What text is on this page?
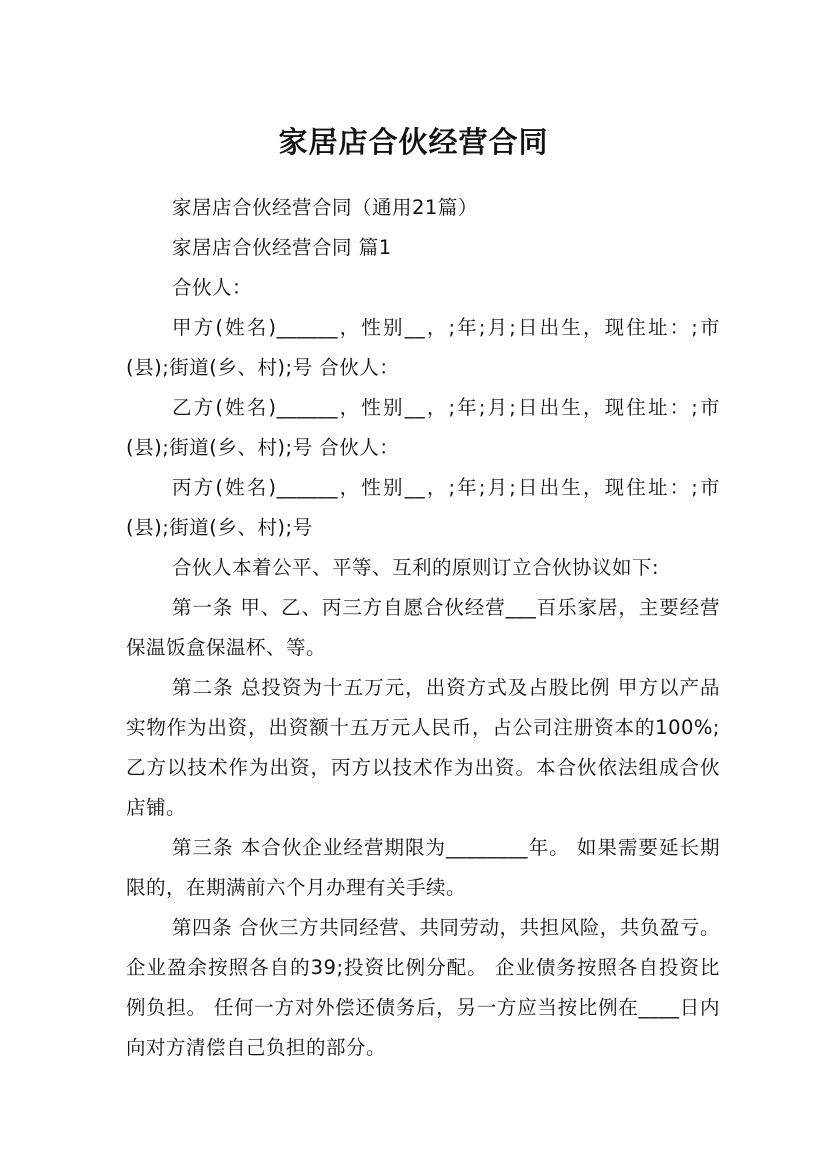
家居店合伙经营合同

家居店合伙经营合同（通用21篇）

家居店合伙经营合同 篇1

合伙人：

甲方(姓名)______，性别__，;年;月;日出生，现住址：;市(县);街道(乡、村);号 合伙人：

乙方(姓名)______，性别__，;年;月;日出生，现住址：;市(县);街道(乡、村);号 合伙人：

丙方(姓名)______，性别__，;年;月;日出生，现住址：;市(县);街道(乡、村);号

合伙人本着公平、平等、互利的原则订立合伙协议如下:

第一条 甲、乙、丙三方自愿合伙经营___百乐家居，主要经营保温饭盒保温杯、等。

第二条 总投资为十五万元，出资方式及占股比例 甲方以产品实物作为出资，出资额十五万元人民币，占公司注册资本的100%; 乙方以技术作为出资，丙方以技术作为出资。本合伙依法组成合伙店铺。

第三条 本合伙企业经营期限为________年。 如果需要延长期限的，在期满前六个月办理有关手续。

第四条 合伙三方共同经营、共同劳动，共担风险，共负盈亏。 企业盈余按照各自的39;投资比例分配。 企业债务按照各自投资比例负担。 任何一方对外偿还债务后，另一方应当按比例在____日内向对方清偿自己负担的部分。
